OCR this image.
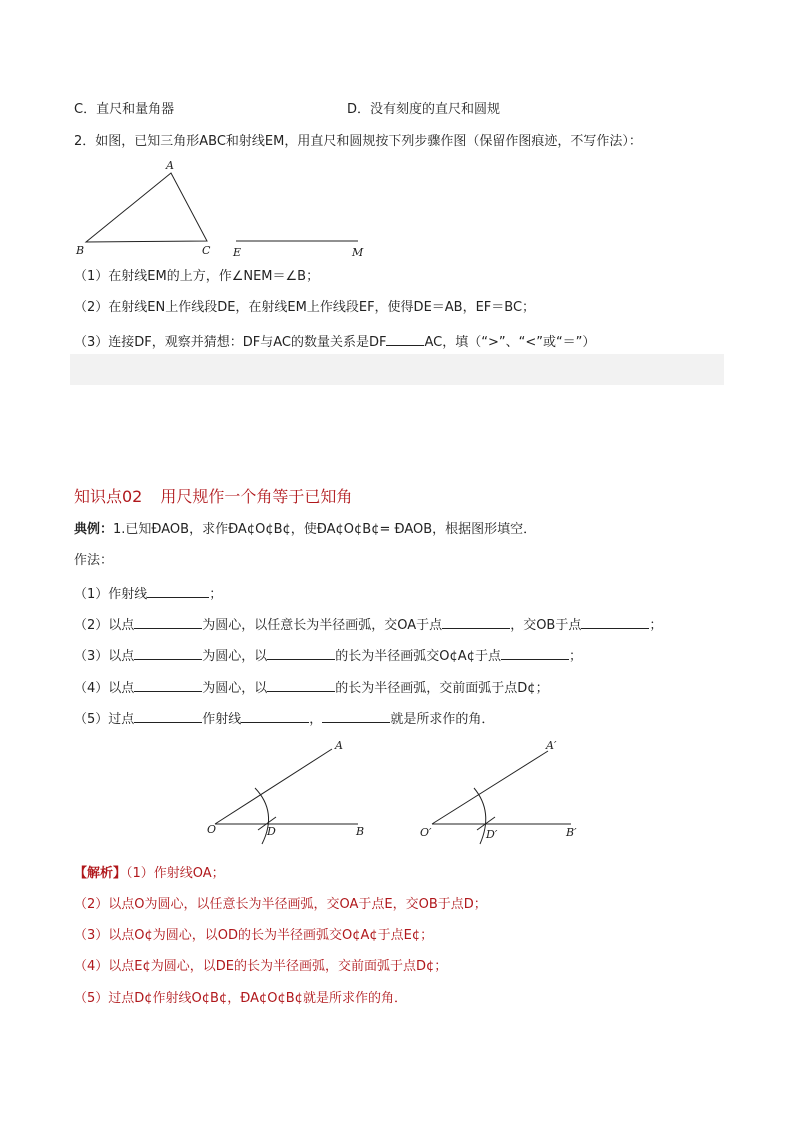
C．直尺和量角器	D．没有刻度的直尺和圆规
2．如图，已知三角形ABC和射线EM，用直尺和圆规按下列步骤作图（保留作图痕迹，不写作法）：
A
B	C E	M
A
O	D	B
A′
O′	D′	B′
（1）在射线EM的上方，作∠NEM＝∠B；
（2）在射线EN上作线段DE，在射线EM上作线段EF，使得DE＝AB，EF＝BC；
（3）连接DF，观察并猜想：DF与AC的数量关系是DF	AC，填（“>”、“<”或“＝”）
知识点02 用尺规作一个角等于已知角
典例：1.已知ÐAOB，求作ÐA¢O¢B¢，使ÐA¢O¢B¢= ÐAOB，根据图形填空．
作法：
（1）作射线	；
（2）以点	为圆心，以任意长为半径画弧，交OA于点	，交OB于点	；
（3）以点	为圆心，以	的长为半径画弧交O¢A¢于点	；
（4）以点	为圆心，以	的长为半径画弧，交前面弧于点D¢；
（5）过点	作射线	，	就是所求作的角．
【解析】（1）作射线OA；
（2）以点O为圆心，以任意长为半径画弧，交OA于点E，交OB于点D；
（3）以点O¢为圆心，以OD的长为半径画弧交O¢A¢于点E¢；
（4）以点E¢为圆心，以DE的长为半径画弧，交前面弧于点D¢；
（5）过点D¢作射线O¢B¢，ÐA¢O¢B¢就是所求作的角．
